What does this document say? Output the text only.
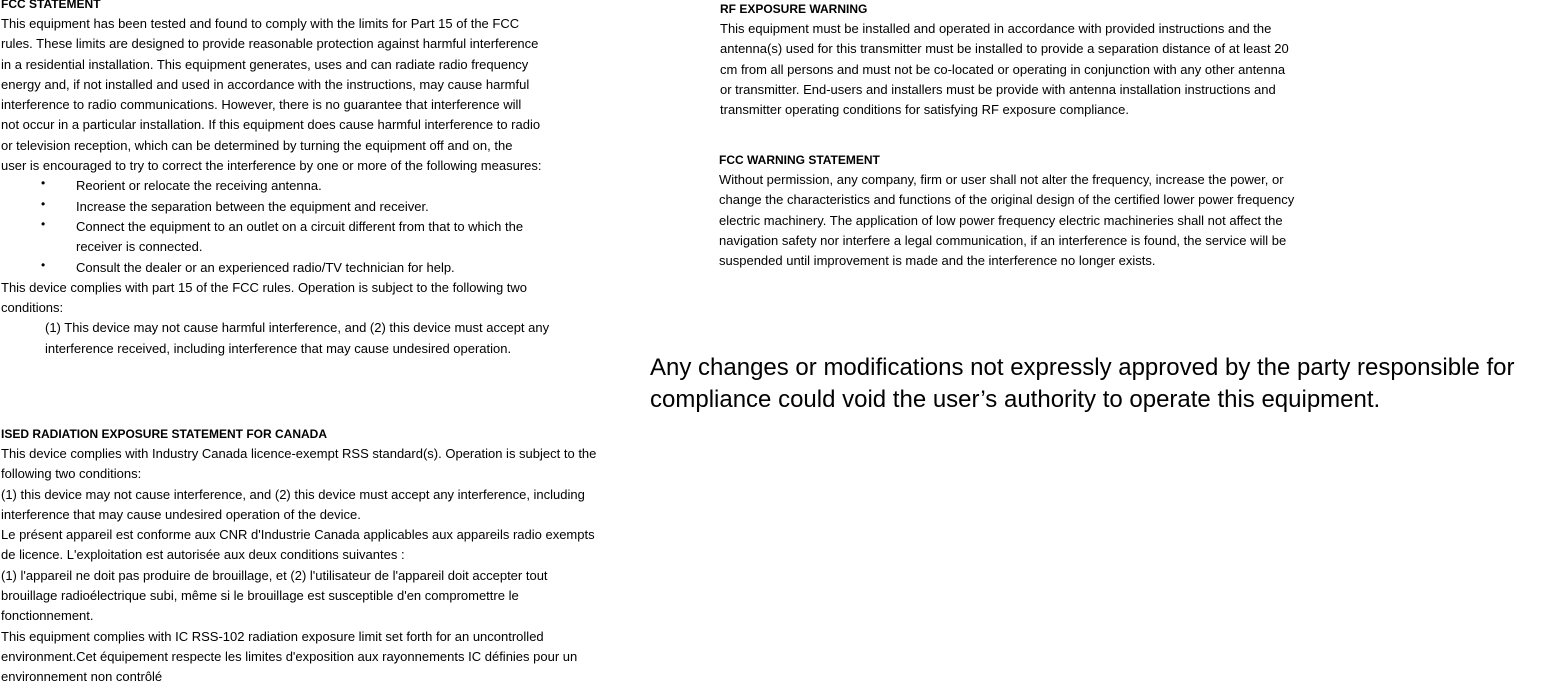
FCC STATEMENT
This equipment has been tested and found to comply with the limits for Part 15 of the FCC
rules. These limits are designed to provide reasonable protection against harmful interference
in a residential installation. This equipment generates, uses and can radiate radio frequency
energy and, if not installed and used in accordance with the instructions, may cause harmful
interference to radio communications. However, there is no guarantee that interference will
not occur in a particular installation. If this equipment does cause harmful interference to radio
or television reception, which can be determined by turning the equipment off and on, the
user is encouraged to try to correct the interference by one or more of the following measures:
• Reorient or relocate the receiving antenna.
• Increase the separation between the equipment and receiver.
• Connect the equipment to an outlet on a circuit different from that to which the
receiver is connected.
• Consult the dealer or an experienced radio/TV technician for help.
This device complies with part 15 of the FCC rules. Operation is subject to the following two
conditions:
(1) This device may not cause harmful interference, and (2) this device must accept any
interference received, including interference that may cause undesired operation.
RF EXPOSURE WARNING
This equipment must be installed and operated in accordance with provided instructions and the
antenna(s) used for this transmitter must be installed to provide a separation distance of at least 20
cm from all persons and must not be co-located or operating in conjunction with any other antenna
or transmitter. End-users and installers must be provide with antenna installation instructions and
transmitter operating conditions for satisfying RF exposure compliance.
FCC WARNING STATEMENT
Without permission, any company, firm or user shall not alter the frequency, increase the power, or
change the characteristics and functions of the original design of the certified lower power frequency
electric machinery. The application of low power frequency electric machineries shall not affect the
navigation safety nor interfere a legal communication, if an interference is found, the service will be
suspended until improvement is made and the interference no longer exists.
Any changes or modifications not expressly approved by the party responsible for
compliance could void the user’s authority to operate this equipment.
ISED RADIATION EXPOSURE STATEMENT FOR CANADA
This device complies with Industry Canada licence-exempt RSS standard(s). Operation is subject to the
following two conditions:
(1) this device may not cause interference, and (2) this device must accept any interference, including
interference that may cause undesired operation of the device.
Le présent appareil est conforme aux CNR d'Industrie Canada applicables aux appareils radio exempts
de licence. L'exploitation est autorisée aux deux conditions suivantes :
(1) l'appareil ne doit pas produire de brouillage, et (2) l'utilisateur de l'appareil doit accepter tout
brouillage radioélectrique subi, même si le brouillage est susceptible d'en compromettre le
fonctionnement.
This equipment complies with IC RSS-102 radiation exposure limit set forth for an uncontrolled
environment.Cet équipement respecte les limites d'exposition aux rayonnements IC définies pour un
environnement non contrôlé
